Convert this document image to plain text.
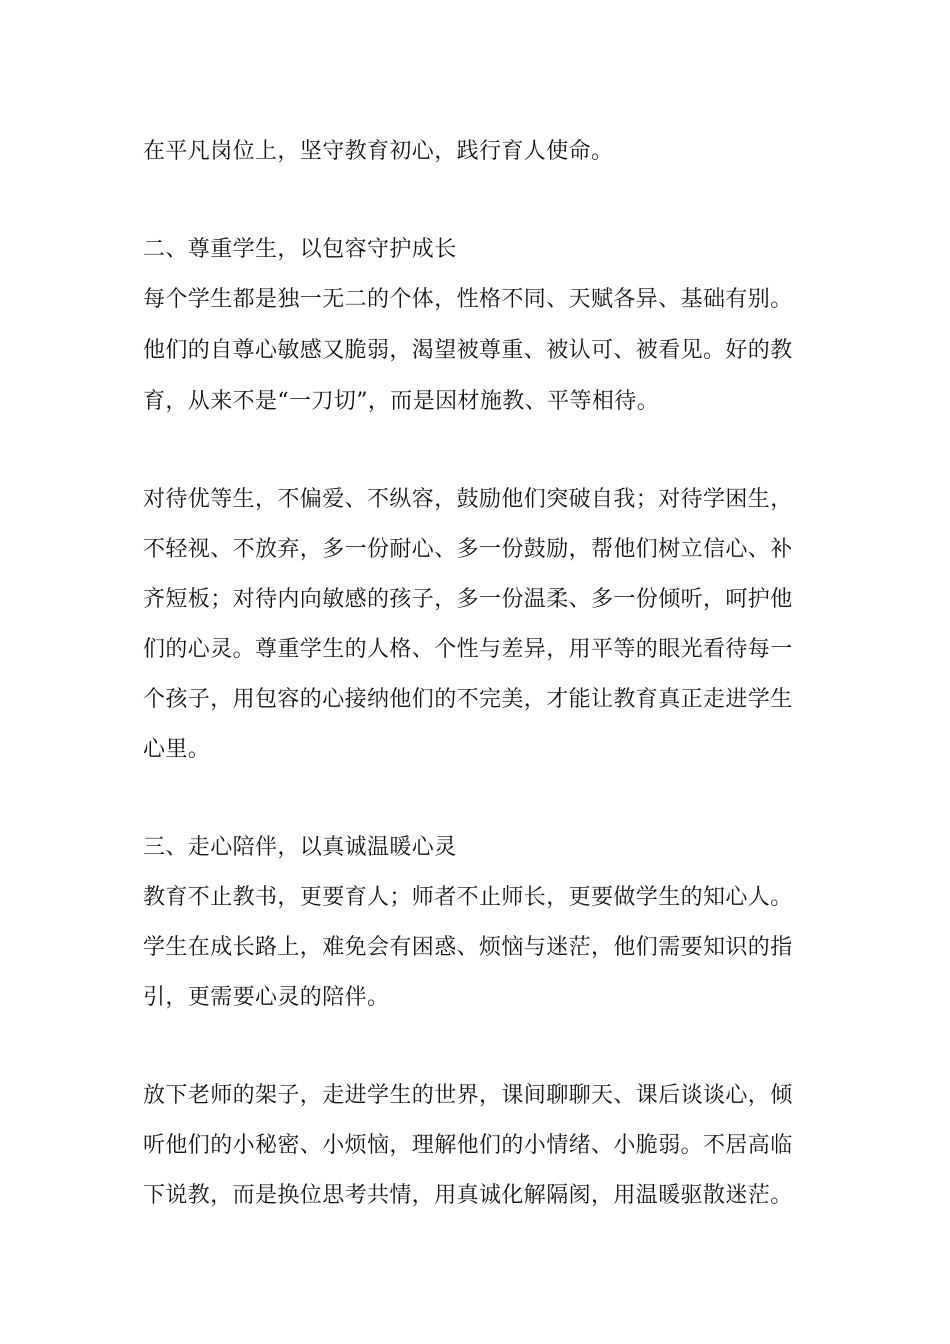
在平凡岗位上，坚守教育初心，践行育人使命。
二、尊重学生，以包容守护成长
每个学生都是独一无二的个体，性格不同、天赋各异、基础有别。
他们的自尊心敏感又脆弱，渴望被尊重、被认可、被看见。好的教
育，从来不是“一刀切”，而是因材施教、平等相待。
对待优等生，不偏爱、不纵容，鼓励他们突破自我；对待学困生，
不轻视、不放弃，多一份耐心、多一份鼓励，帮他们树立信心、补
齐短板；对待内向敏感的孩子，多一份温柔、多一份倾听，呵护他
们的心灵。尊重学生的人格、个性与差异，用平等的眼光看待每一
个孩子，用包容的心接纳他们的不完美，才能让教育真正走进学生
心里。
三、走心陪伴，以真诚温暖心灵
教育不止教书，更要育人；师者不止师长，更要做学生的知心人。
学生在成长路上，难免会有困惑、烦恼与迷茫，他们需要知识的指
引，更需要心灵的陪伴。
放下老师的架子，走进学生的世界，课间聊聊天、课后谈谈心，倾
听他们的小秘密、小烦恼，理解他们的小情绪、小脆弱。不居高临
下说教，而是换位思考共情，用真诚化解隔阂，用温暖驱散迷茫。
